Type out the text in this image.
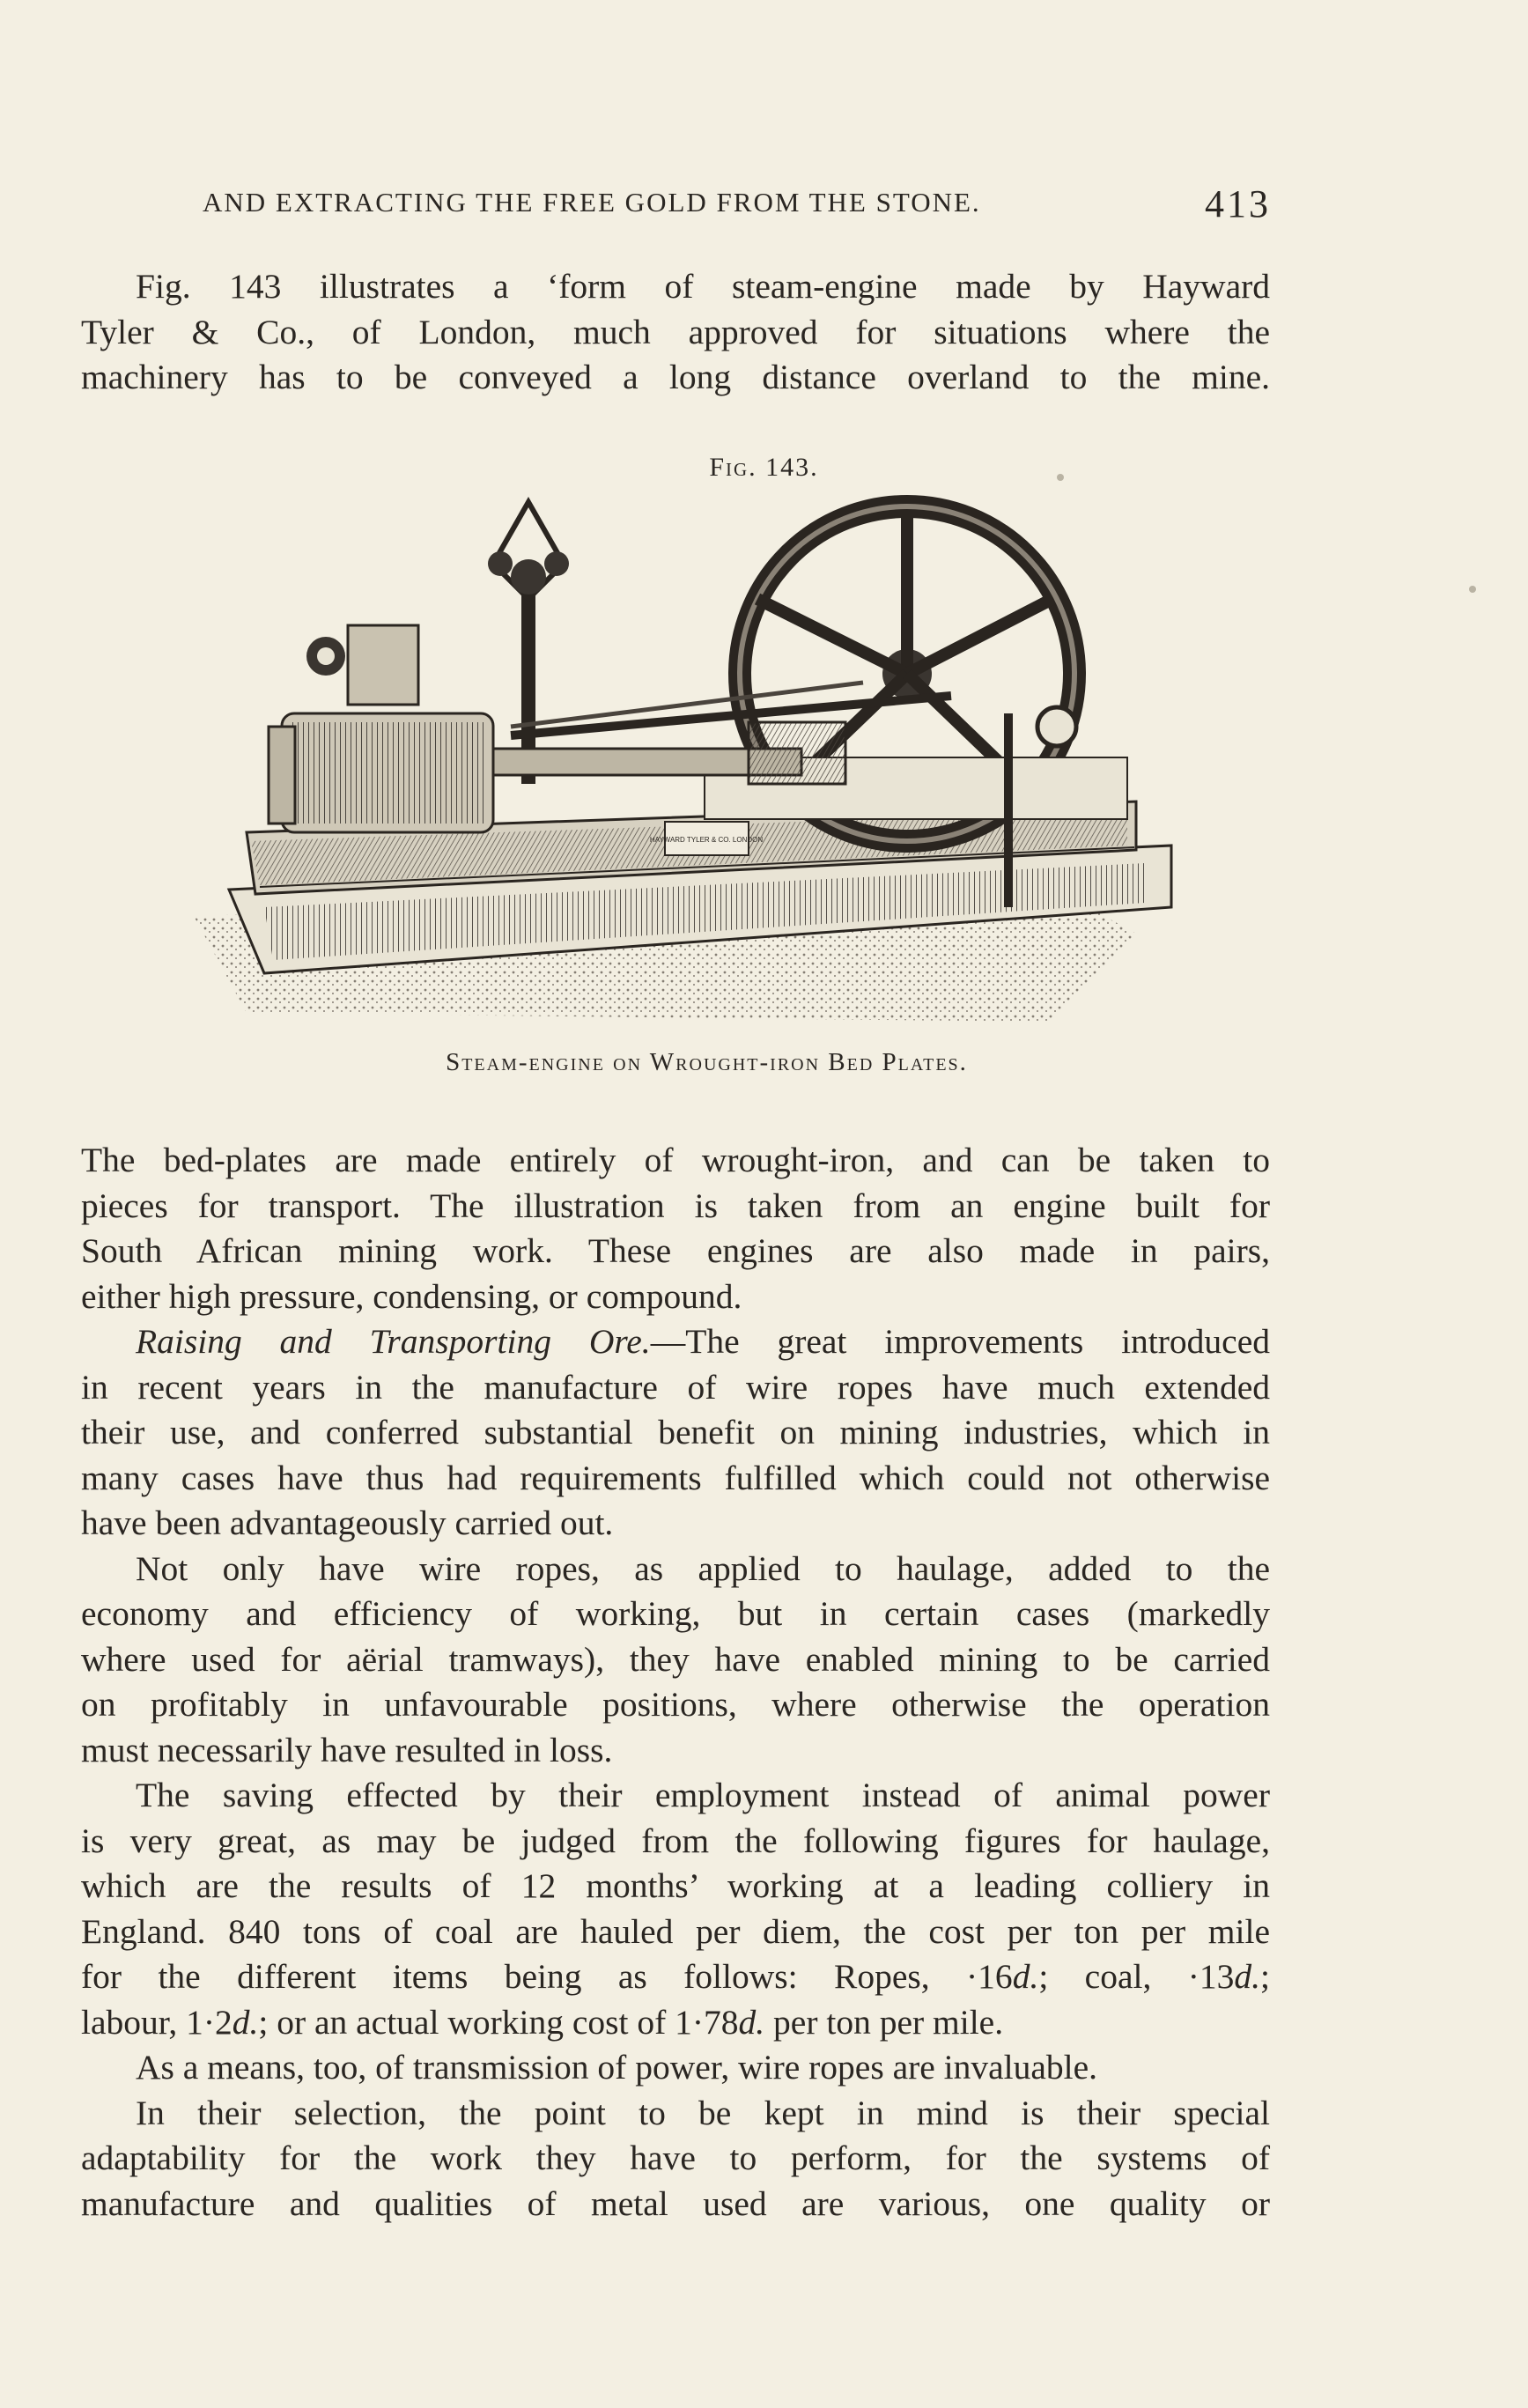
AND EXTRACTING THE FREE GOLD FROM THE STONE.	413

Fig. 143 illustrates a ‘form of steam-engine made by Hayward

Tyler & Co., of London, much approved for situations where the

machinery has to be conveyed a long distance overland to the mine.

Fig. 143.
HAYWARD TYLER & CO. LONDON
Steam-engine on Wrought-iron Bed Plates.

The bed-plates are made entirely of wrought-iron, and can be taken to

pieces for transport. The illustration is taken from an engine built for

South African mining work. These engines are also made in pairs,

either high pressure, condensing, or compound.

Raising and Transporting Ore.—The great improvements introduced

in recent years in the manufacture of wire ropes have much extended

their use, and conferred substantial benefit on mining industries, which in

many cases have thus had requirements fulfilled which could not otherwise

have been advantageously carried out.

Not only have wire ropes, as applied to haulage, added to the

economy and efficiency of working, but in certain cases (markedly

where used for aërial tramways), they have enabled mining to be carried

on profitably in unfavourable positions, where otherwise the operation

must necessarily have resulted in loss.

The saving effected by their employment instead of animal power

is very great, as may be judged from the following figures for haulage,

which are the results of 12 months’ working at a leading colliery in

England. 840 tons of coal are hauled per diem, the cost per ton per mile

for the different items being as follows: Ropes, ·16d.; coal, ·13d.;

labour, 1·2d.; or an actual working cost of 1·78d. per ton per mile.

As a means, too, of transmission of power, wire ropes are invaluable.

In their selection, the point to be kept in mind is their special

adaptability for the work they have to perform, for the systems of

manufacture and qualities of metal used are various, one quality or
